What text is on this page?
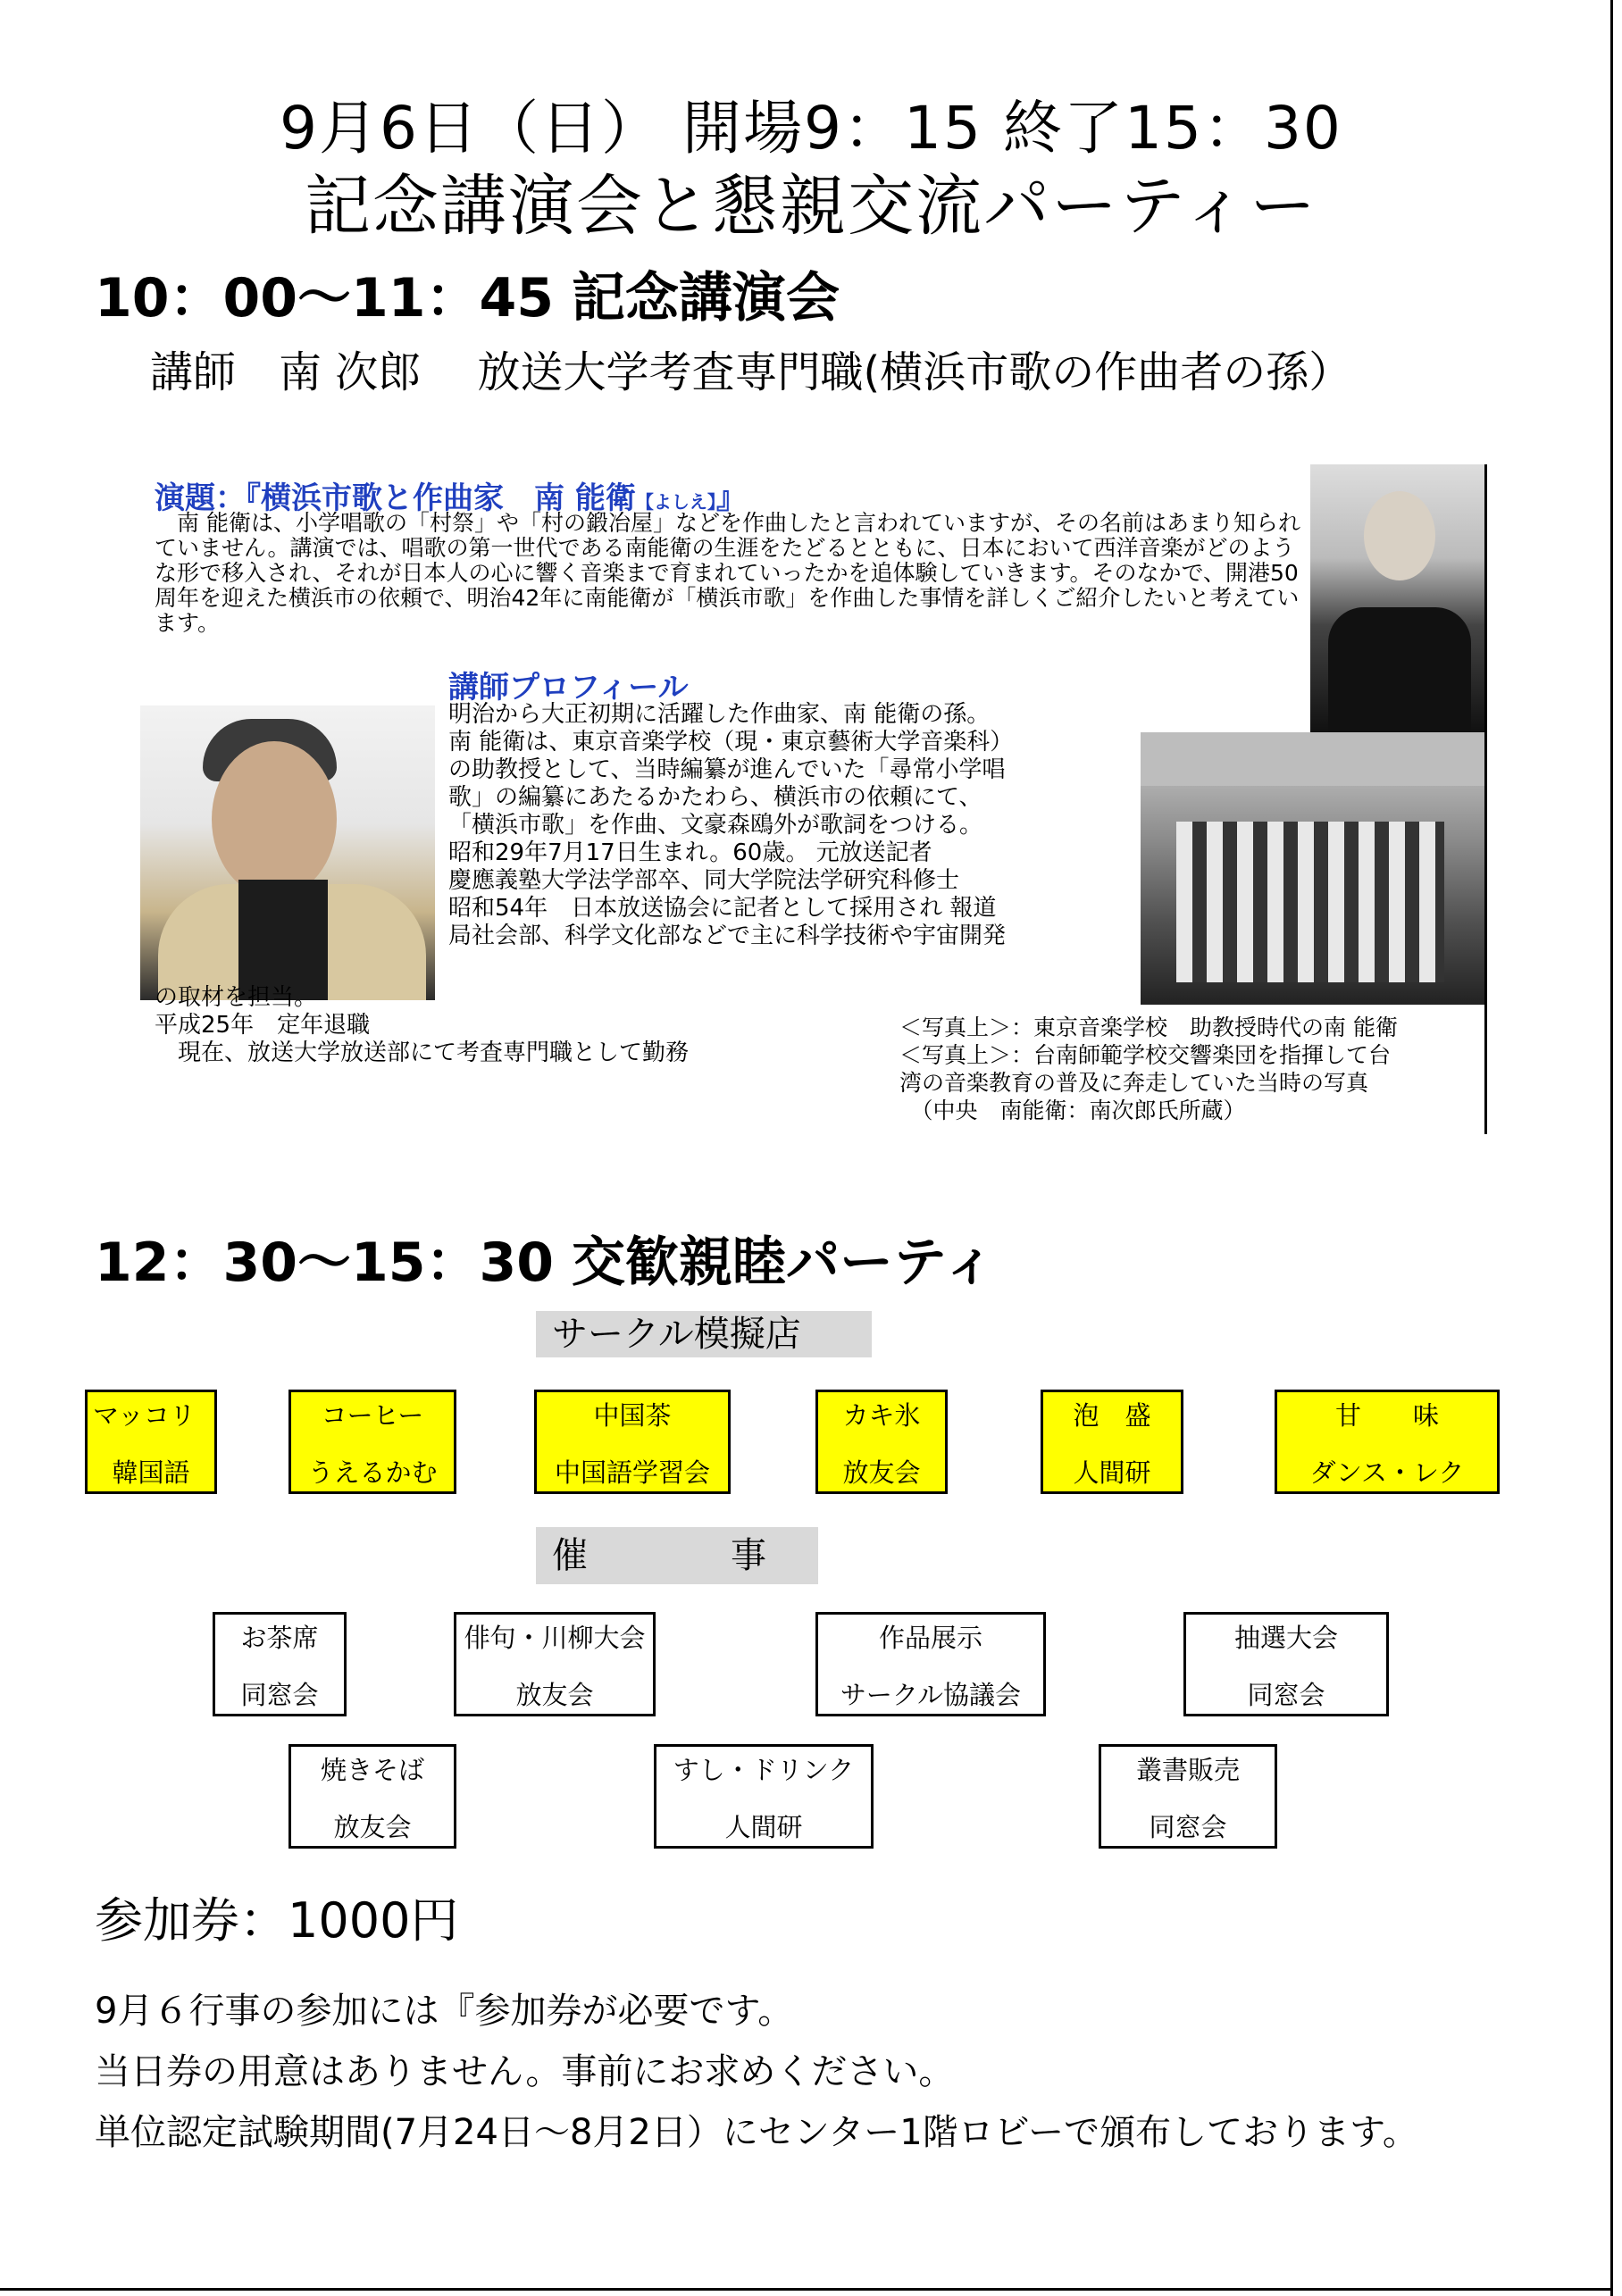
9月6日（日） 開場9：15 終了15：30
記念講演会と懇親交流パーティー
10：00〜11：45 記念講演会
講師　南 次郎　 放送大学考査専門職(横浜市歌の作曲者の孫）
演題：『横浜市歌と作曲家　南 能衛【よしえ】』
　南 能衛は、小学唱歌の「村祭」や「村の鍛冶屋」などを作曲したと言われていますが、その名前はあまり知られていません。講演では、唱歌の第一世代である南能衛の生涯をたどるとともに、日本において西洋音楽がどのような形で移入され、それが日本人の心に響く音楽まで育まれていったかを追体験していきます。そのなかで、開港50周年を迎えた横浜市の依頼で、明治42年に南能衛が「横浜市歌」を作曲した事情を詳しくご紹介したいと考えています。
講師プロフィール
明治から大正初期に活躍した作曲家、南 能衛の孫。
南 能衛は、東京音楽学校（現・東京藝術大学音楽科）
の助教授として、当時編纂が進んでいた「尋常小学唱
歌」の編纂にあたるかたわら、横浜市の依頼にて、
「横浜市歌」を作曲、文豪森鴎外が歌詞をつける。
昭和29年7月17日生まれ。60歳。 元放送記者
慶應義塾大学法学部卒、同大学院法学研究科修士
昭和54年　日本放送協会に記者として採用され 報道
局社会部、科学文化部などで主に科学技術や宇宙開発
の取材を担当。
平成25年　定年退職
　現在、放送大学放送部にて考査専門職として勤務
＜写真上＞：東京音楽学校　助教授時代の南 能衛
＜写真上＞：台南師範学校交響楽団を指揮して台
湾の音楽教育の普及に奔走していた当時の写真
　（中央　南能衛：南次郎氏所蔵）
12：30〜15：30 交歓親睦パーティ
サークル模擬店
マッコリ
韓国語
コーヒー
うえるかむ
中国茶
中国語学習会
カキ氷
放友会
泡　盛
人間研
甘　　味
ダンス・レク
催　　　　事
お茶席
同窓会
俳句・川柳大会
放友会
作品展示
サークル協議会
抽選大会
同窓会
焼きそば
放友会
すし・ドリンク
人間研
叢書販売
同窓会
参加券：1000円
9月６行事の参加には『参加券が必要です。
当日券の用意はありません。事前にお求めください。
単位認定試験期間(7月24日〜8月2日）にセンター1階ロビーで頒布しております。
